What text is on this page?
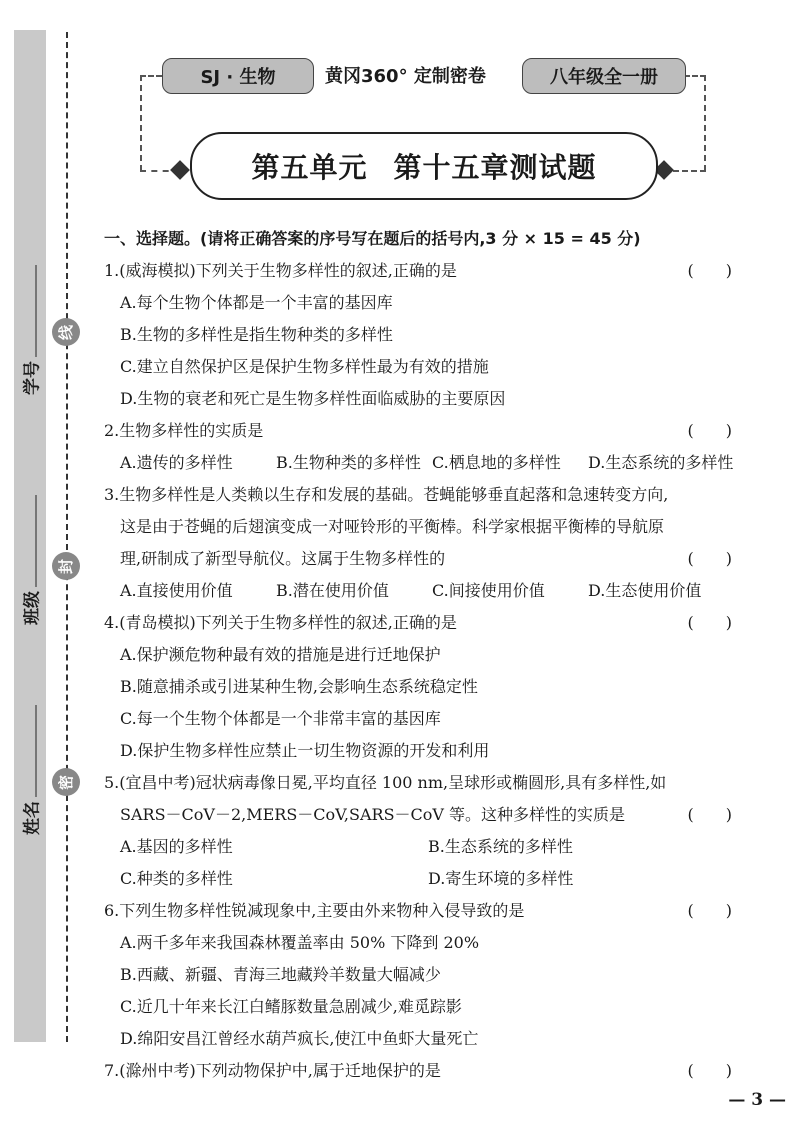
学号
班级
姓名
线
封
密
SJ · 生物	黄冈360° 定制密卷	八年级全一册
第五单元 第十五章测试题
一、选择题。(请将正确答案的序号写在题后的括号内,3 分 × 15 = 45 分)
1.(威海模拟)下列关于生物多样性的叙述,正确的是	(　　)
A.每个生物个体都是一个丰富的基因库
B.生物的多样性是指生物种类的多样性
C.建立自然保护区是保护生物多样性最为有效的措施
D.生物的衰老和死亡是生物多样性面临威胁的主要原因
2.生物多样性的实质是	(　　)
A.遗传的多样性	B.生物种类的多样性 C.栖息地的多样性	D.生态系统的多样性
3.生物多样性是人类赖以生存和发展的基础。苍蝇能够垂直起落和急速转变方向,
这是由于苍蝇的后翅演变成一对哑铃形的平衡棒。科学家根据平衡棒的导航原
理,研制成了新型导航仪。这属于生物多样性的	(　　)
A.直接使用价值	B.潜在使用价值	C.间接使用价值	D.生态使用价值
4.(青岛模拟)下列关于生物多样性的叙述,正确的是	(　　)
A.保护濒危物种最有效的措施是进行迁地保护
B.随意捕杀或引进某种生物,会影响生态系统稳定性
C.每一个生物个体都是一个非常丰富的基因库
D.保护生物多样性应禁止一切生物资源的开发和利用
5.(宜昌中考)冠状病毒像日冕,平均直径 100 nm,呈球形或椭圆形,具有多样性,如
SARS－CoV－2,MERS－CoV,SARS－CoV 等。这种多样性的实质是	(　　)
A.基因的多样性	B.生态系统的多样性
C.种类的多样性	D.寄生环境的多样性
6.下列生物多样性锐减现象中,主要由外来物种入侵导致的是	(　　)
A.两千多年来我国森林覆盖率由 50% 下降到 20%
B.西藏、新疆、青海三地藏羚羊数量大幅减少
C.近几十年来长江白鳍豚数量急剧减少,难觅踪影
D.绵阳安昌江曾经水葫芦疯长,使江中鱼虾大量死亡
7.(滁州中考)下列动物保护中,属于迁地保护的是	(　　)
— 3 —
